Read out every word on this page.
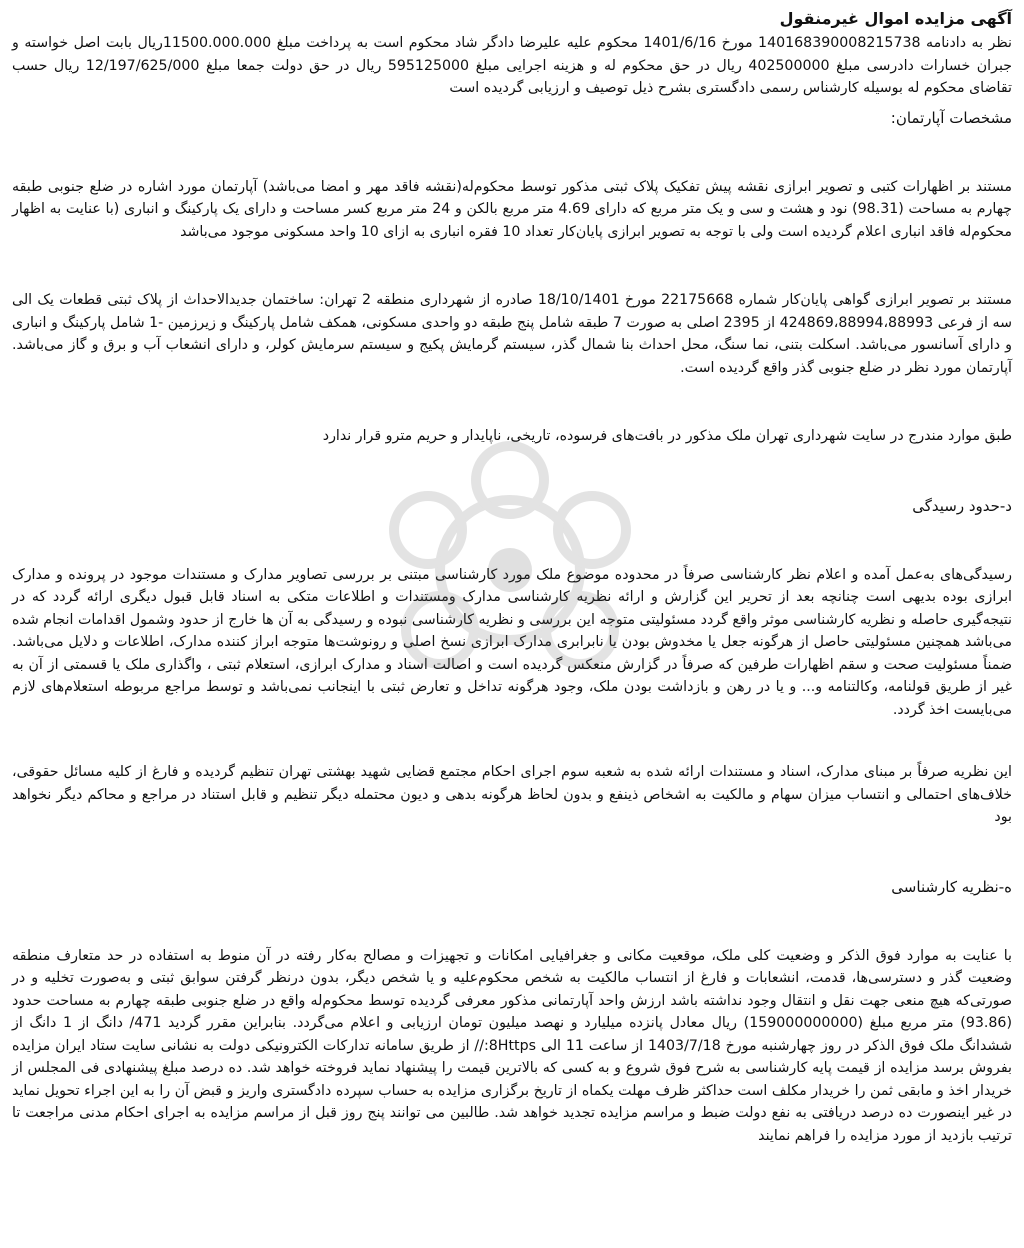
آگهی مزایده اموال غیرمنقول

نظر به دادنامه 140168390008215738 مورخ 1401/6/16 محکوم علیه علیرضا دادگر شاد محکوم است به پرداخت مبلغ 11500.000.000ریال بابت اصل خواسته و جبران خسارات دادرسی مبلغ 402500000 ریال در حق محکوم له و هزینه اجرایی مبلغ 595125000 ریال در حق دولت جمعا مبلغ 12/197/625/000 ریال حسب تقاضای محکوم له بوسیله کارشناس رسمی دادگستری بشرح ذیل توصیف و ارزیابی گردیده است

مشخصات آپارتمان:

مستند بر اظهارات کتبی و تصویر ابرازی نقشه پیش تفکیک پلاک ثبتی مذکور توسط محکوم‌له(نقشه فاقد مهر و امضا می‌باشد) آپارتمان مورد اشاره در ضلع جنوبی طبقه چهارم به مساحت (98.31) نود و هشت و سی و یک متر مربع که دارای 4.69 متر مربع بالکن و 24 متر مربع کسر مساحت و دارای یک پارکینگ و انباری (با عنایت به اظهار محکوم‌له فاقد انباری اعلام گردیده است ولی با توجه به تصویر ابرازی پایان‌کار تعداد 10 فقره انباری به ازای 10 واحد مسکونی موجود می‌باشد

مستند بر تصویر ابرازی گواهی پایان‌کار شماره 22175668 مورخ 18/10/1401 صادره از شهرداری منطقه 2 تهران: ساختمان جدیدالاحداث از پلاک ثبتی قطعات یک الی سه از فرعی 424869،88994،88993 از 2395 اصلی به صورت 7 طبقه شامل پنج طبقه دو واحدی مسکونی، همکف شامل پارکینگ و زیرزمین -1 شامل پارکینگ و انباری و دارای آسانسور می‌باشد. اسکلت بتنی، نما سنگ، محل احداث بنا شمال گذر، سیستم گرمایش پکیج و سیستم سرمایش کولر، و دارای انشعاب آب و برق و گاز می‌باشد. آپارتمان مورد نظر در ضلع جنوبی گذر واقع گردیده است.

طبق موارد مندرج در سایت شهرداری تهران ملک مذکور در بافت‌های فرسوده، تاریخی، ناپایدار و حریم مترو قرار ندارد

د-حدود رسیدگی

رسیدگی‌های به‌عمل آمده و اعلام نظر کارشناسی صرفاً در محدوده موضوع ملک مورد کارشناسی مبتنی بر بررسی تصاویر مدارک و مستندات موجود در پرونده و مدارک ابرازی بوده بدیهی است چنانچه بعد از تحریر این گزارش و ارائه نظریه کارشناسی مدارک ومستندات و اطلاعات متکی به اسناد قابل قبول دیگری ارائه گردد که در نتیجه‌گیری حاصله و نظریه کارشناسی موثر واقع گردد مسئولیتی متوجه این بررسی و نظریه کارشناسی نبوده و رسیدگی به آن ها خارج از حدود وشمول اقدامات انجام شده می‌باشد همچنین مسئولیتی حاصل از هرگونه جعل یا مخدوش بودن یا نابرابری مدارک ابرازی نسخ اصلی و رونوشت‌ها متوجه ابراز کننده مدارک، اطلاعات و دلایل می‌باشد. ضمناً مسئولیت صحت و سقم اظهارات طرفین که صرفاً در گزارش منعکس گردیده است و اصالت اسناد و مدارک ابرازی، استعلام ثبتی ، واگذاری ملک یا قسمتی از آن به غیر از طریق قولنامه، وکالتنامه و... و یا در رهن و بازداشت بودن ملک، وجود هرگونه تداخل و تعارض ثبتی با اینجانب نمی‌باشد و توسط مراجع مربوطه استعلام‌های لازم می‌بایست اخذ گردد.

این نظریه صرفاً بر مبنای مدارک، اسناد و مستندات ارائه شده به شعبه سوم اجرای احکام مجتمع قضایی شهید بهشتی تهران تنظیم گردیده و فارغ از کلیه مسائل حقوقی، خلاف‌های احتمالی و انتساب میزان سهام و مالکیت به اشخاص ذینفع و بدون لحاظ هرگونه بدهی و دیون محتمله دیگر تنظیم و قابل استناد در مراجع و محاکم دیگر نخواهد بود

ه-نظریه کارشناسی

با عنایت به موارد فوق الذکر و وضعیت کلی ملک، موقعیت مکانی و جغرافیایی امکانات و تجهیزات و مصالح به‌کار رفته در آن منوط به استفاده در حد متعارف منطقه وضعیت گذر و دسترسی‌ها، قدمت، انشعابات و فارغ از انتساب مالکیت به شخص محکوم‌علیه و یا شخص دیگر، بدون درنظر گرفتن سوابق ثبتی و به‌صورت تخلیه و در صورتی‌که هیچ منعی جهت نقل و انتقال وجود نداشته باشد ارزش واحد آپارتمانی مذکور معرفی گردیده توسط محکوم‌له واقع در ضلع جنوبی طبقه چهارم به مساحت حدود (93.86) متر مربع مبلغ (159000000000) ریال معادل پانزده میلیارد و نهصد میلیون تومان ارزیابی و اعلام می‌گردد. بنابراین مقرر گردید 471/ دانگ از 1 دانگ از ششدانگ ملک فوق الذکر در روز چهارشنبه مورخ 1403/7/18 از ساعت 11 الی 8Https:// از طریق سامانه تدارکات الکترونیکی دولت به نشانی سایت ستاد ایران مزایده بفروش برسد مزایده از قیمت پایه کارشناسی به شرح فوق شروع و به کسی که بالاترین قیمت را پیشنهاد نماید فروخته خواهد شد. ده درصد مبلغ پیشنهادی فی المجلس از خریدار اخذ و مابقی ثمن را خریدار مکلف است حداکثر ظرف مهلت یکماه از تاریخ برگزاری مزایده به حساب سپرده دادگستری واریز و قبض آن را به این اجراء تحویل نماید در غیر اینصورت ده درصد دریافتی به نفع دولت ضبط و مراسم مزایده تجدید خواهد شد. طالبین می توانند پنج روز قبل از مراسم مزایده به اجرای احکام مدنی مراجعت تا ترتیب بازدید از مورد مزایده را فراهم نمایند
